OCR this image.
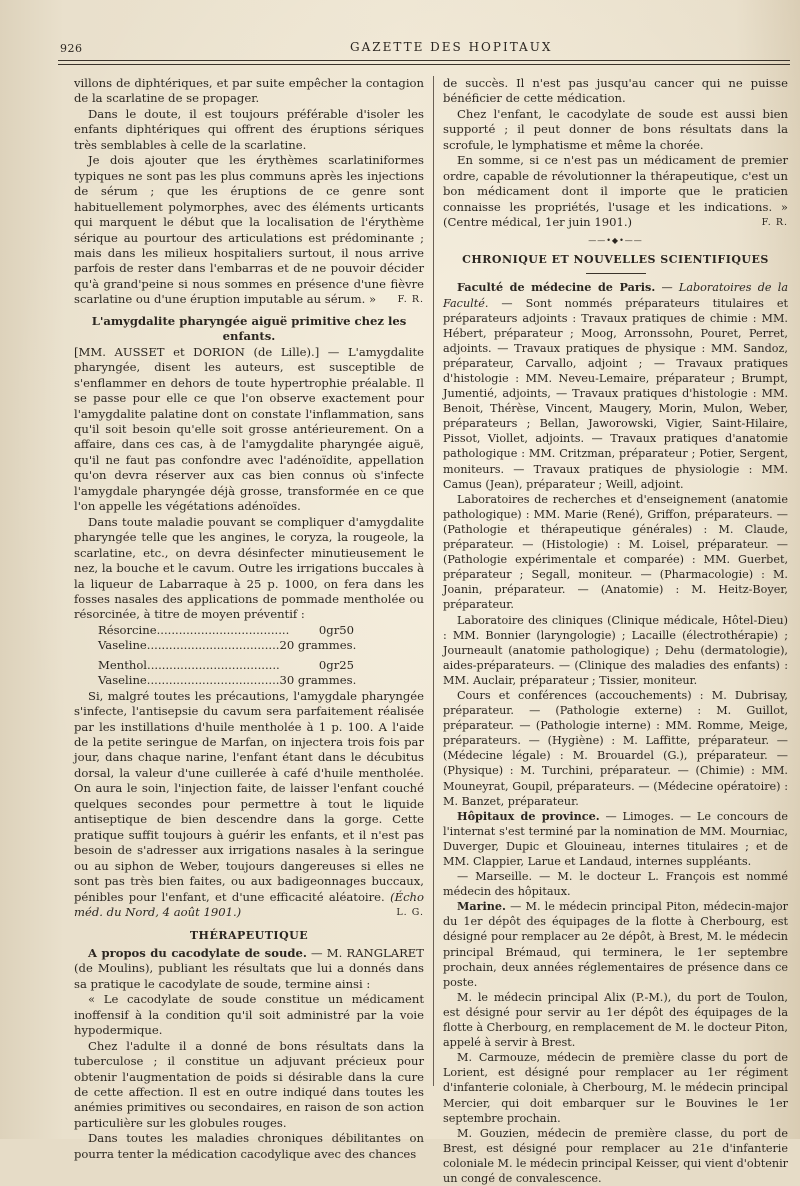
926	GAZETTE DES HOPITAUX

villons de diphtériques, et par suite empêcher la contagion de la scarlatine de se propager.

Dans le doute, il est toujours préférable d'isoler les enfants diphtériques qui offrent des éruptions sériques très semblables à celle de la scarlatine.

Je dois ajouter que les érythèmes scarlatiniformes typiques ne sont pas les plus communs après les injections de sérum ; que les éruptions de ce genre sont habituellement polymorphes, avec des éléments urticants qui marquent le début que la localisation de l'érythème sérique au pourtour des articulations est prédominante ; mais dans les milieux hospitaliers surtout, il nous arrive parfois de rester dans l'embarras et de ne pouvoir décider qu'à grand'peine si nous sommes en présence d'une fièvre scarlatine ou d'une éruption imputable au sérum. »	F. R.

L'amygdalite pharyngée aiguë primitive chez les enfants.

[MM. AUSSET et DORION (de Lille).] — L'amygdalite pharyngée, disent les auteurs, est susceptible de s'enflammer en dehors de toute hypertrophie préalable. Il se passe pour elle ce que l'on observe exactement pour l'amygdalite palatine dont on constate l'inflammation, sans qu'il soit besoin qu'elle soit grosse antérieurement. On a affaire, dans ces cas, à de l'amygdalite pharyngée aiguë, qu'il ne faut pas confondre avec l'adénoïdite, appellation qu'on devra réserver aux cas bien connus où s'infecte l'amygdale pharyngée déjà grosse, transformée en ce que l'on appelle les végétations adénoïdes.

Dans toute maladie pouvant se compliquer d'amygdalite pharyngée telle que les angines, le coryza, la rougeole, la scarlatine, etc., on devra désinfecter minutieusement le nez, la bouche et le cavum. Outre les irrigations buccales à la liqueur de Labarraque à 25 p. 1000, on fera dans les fosses nasales des applications de pommade mentholée ou résorcinée, à titre de moyen préventif :

Résorcine....................................	0gr50
Vaseline.................................... 20 grammes.
Menthol....................................	0gr25
Vaseline.................................... 30 grammes.

Si, malgré toutes les précautions, l'amygdale pharyngée s'infecte, l'antisepsie du cavum sera parfaitement réalisée par les instillations d'huile mentholée à 1 p. 100. A l'aide de la petite seringue de Marfan, on injectera trois fois par jour, dans chaque narine, l'enfant étant dans le décubitus dorsal, la valeur d'une cuillerée à café d'huile mentholée. On aura le soin, l'injection faite, de laisser l'enfant couché quelques secondes pour permettre à tout le liquide antiseptique de bien descendre dans la gorge. Cette pratique suffit toujours à guérir les enfants, et il n'est pas besoin de s'adresser aux irrigations nasales à la seringue ou au siphon de Weber, toujours dangereuses si elles ne sont pas très bien faites, ou aux badigeonnages buccaux, pénibles pour l'enfant, et d'une efficacité aléatoire. (Écho méd. du Nord, 4 août 1901.)	L. G.

THÉRAPEUTIQUE

A propos du cacodylate de soude. — M. RANGLARET (de Moulins), publiant les résultats que lui a donnés dans sa pratique le cacodylate de soude, termine ainsi :

« Le cacodylate de soude constitue un médicament inoffensif à la condition qu'il soit administré par la voie hypodermique.

Chez l'adulte il a donné de bons résultats dans la tuberculose ; il constitue un adjuvant précieux pour obtenir l'augmentation de poids si désirable dans la cure de cette affection. Il est en outre indiqué dans toutes les anémies primitives ou secondaires, en raison de son action particulière sur les globules rouges.

Dans toutes les maladies chroniques débilitantes on pourra tenter la médication cacodylique avec des chances

de succès. Il n'est pas jusqu'au cancer qui ne puisse bénéficier de cette médication.

Chez l'enfant, le cacodylate de soude est aussi bien supporté ; il peut donner de bons résultats dans la scrofule, le lymphatisme et même la chorée.

En somme, si ce n'est pas un médicament de premier ordre, capable de révolutionner la thérapeutique, c'est un bon médicament dont il importe que le praticien connaisse les propriétés, l'usage et les indications. » (Centre médical, 1er juin 1901.)	F. R.

——•◆•——

CHRONIQUE ET NOUVELLES SCIENTIFIQUES

Faculté de médecine de Paris. — Laboratoires de la Faculté. — Sont nommés préparateurs titulaires et préparateurs adjoints : Travaux pratiques de chimie : MM. Hébert, préparateur ; Moog, Arronssohn, Pouret, Perret, adjoints. — Travaux pratiques de physique : MM. Sandoz, préparateur, Carvallo, adjoint ; — Travaux pratiques d'histologie : MM. Neveu-Lemaire, préparateur ; Brumpt, Jumentié, adjoints, — Travaux pratiques d'histologie : MM. Benoit, Thérèse, Vincent, Maugery, Morin, Mulon, Weber, préparateurs ; Bellan, Jaworowski, Vigier, Saint-Hilaire, Pissot, Viollet, adjoints. — Travaux pratiques d'anatomie pathologique : MM. Critzman, préparateur ; Potier, Sergent, moniteurs. — Travaux pratiques de physiologie : MM. Camus (Jean), préparateur ; Weill, adjoint.

Laboratoires de recherches et d'enseignement (anatomie pathologique) : MM. Marie (René), Griffon, préparateurs. — (Pathologie et thérapeutique générales) : M. Claude, préparateur. — (Histologie) : M. Loisel, préparateur. — (Pathologie expérimentale et comparée) : MM. Guerbet, préparateur ; Segall, moniteur. — (Pharmacologie) : M. Joanin, préparateur. — (Anatomie) : M. Heitz-Boyer, préparateur.

Laboratoire des cliniques (Clinique médicale, Hôtel-Dieu) : MM. Bonnier (laryngologie) ; Lacaille (électrothérapie) ; Journeault (anatomie pathologique) ; Dehu (dermatologie), aides-préparateurs. — (Clinique des maladies des enfants) : MM. Auclair, préparateur ; Tissier, moniteur.

Cours et conférences (accouchements) : M. Dubrisay, préparateur. — (Pathologie externe) : M. Guillot, préparateur. — (Pathologie interne) : MM. Romme, Meige, préparateurs. — (Hygiène) : M. Laffitte, préparateur. — (Médecine légale) : M. Brouardel (G.), préparateur. — (Physique) : M. Turchini, préparateur. — (Chimie) : MM. Mouneyrat, Goupil, préparateurs. — (Médecine opératoire) : M. Banzet, préparateur.

Hôpitaux de province. — Limoges. — Le concours de l'internat s'est terminé par la nomination de MM. Mourniac, Duverger, Dupic et Glouineau, internes titulaires ; et de MM. Clappier, Larue et Landaud, internes suppléants.

— Marseille. — M. le docteur L. François est nommé médecin des hôpitaux.

Marine. — M. le médecin principal Piton, médecin-major du 1er dépôt des équipages de la flotte à Cherbourg, est désigné pour remplacer au 2e dépôt, à Brest, M. le médecin principal Brémaud, qui terminera, le 1er septembre prochain, deux années réglementaires de présence dans ce poste.

M. le médecin principal Alix (P.-M.), du port de Toulon, est désigné pour servir au 1er dépôt des équipages de la flotte à Cherbourg, en remplacement de M. le docteur Piton, appelé à servir à Brest.

M. Carmouze, médecin de première classe du port de Lorient, est désigné pour remplacer au 1er régiment d'infanterie coloniale, à Cherbourg, M. le médecin principal Mercier, qui doit embarquer sur le Bouvines le 1er septembre prochain.

M. Gouzien, médecin de première classe, du port de Brest, est désigné pour remplacer au 21e d'infanterie coloniale M. le médecin principal Keisser, qui vient d'obtenir un congé de convalescence.
